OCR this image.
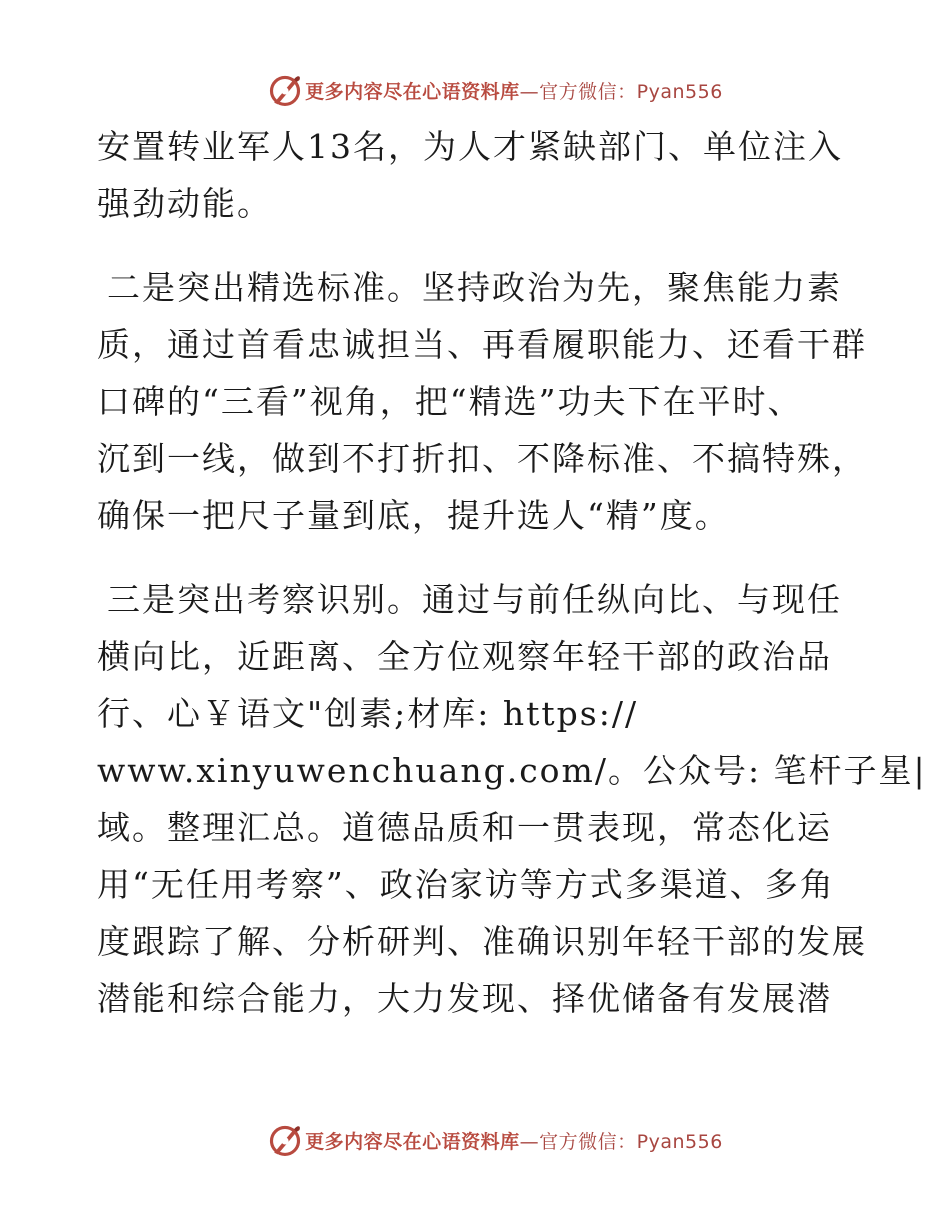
更多内容尽在心语资料库—官方微信：Pyan556
安置转业军人13名，为人才紧缺部门、单位注入
强劲动能。
二是突出精选标准。坚持政治为先，聚焦能力素
质，通过首看忠诚担当、再看履职能力、还看干群
口碑的“三看”视角，把“精选”功夫下在平时、
沉到一线，做到不打折扣、不降标准、不搞特殊，
确保一把尺子量到底，提升选人“精”度。
三是突出考察识别。通过与前任纵向比、与现任
横向比，近距离、全方位观察年轻干部的政治品
行、心￥语文"创素;材库: https://
www.xinyuwenchuang.com/。公众号: 笔杆子星|
域。整理汇总。道德品质和一贯表现，常态化运
用“无任用考察”、政治家访等方式多渠道、多角
度跟踪了解、分析研判、准确识别年轻干部的发展
潜能和综合能力，大力发现、择优储备有发展潜
更多内容尽在心语资料库—官方微信：Pyan556
